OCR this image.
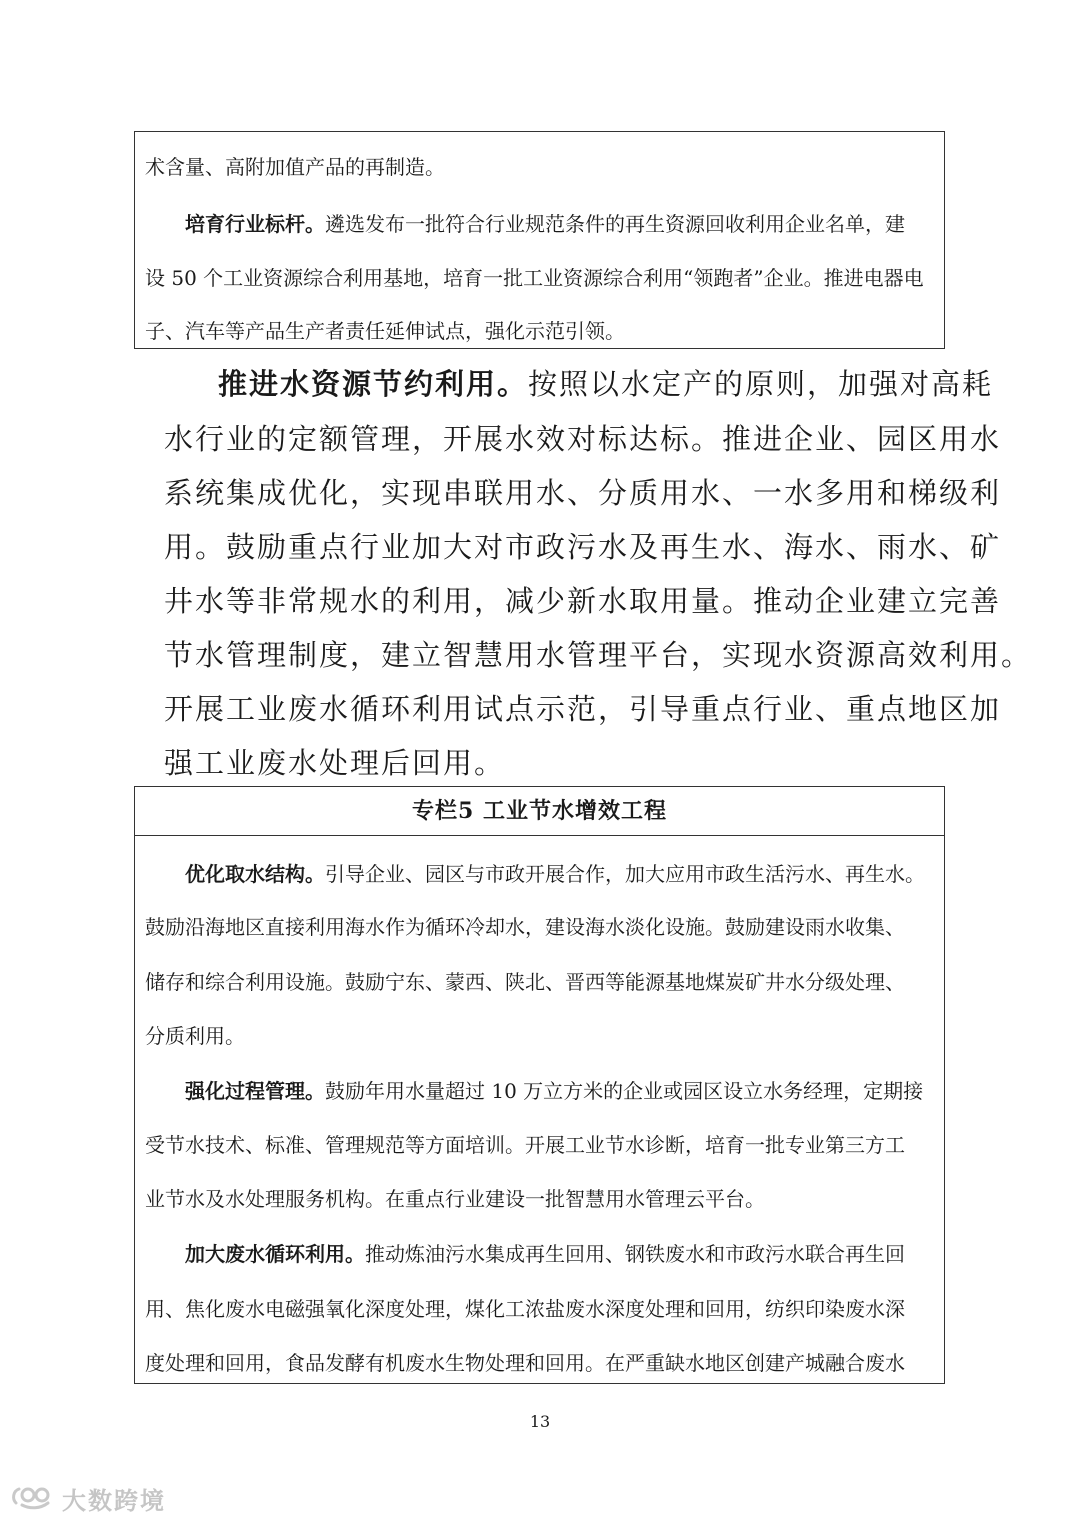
术含量、高附加值产品的再制造。
培育行业标杆。遴选发布一批符合行业规范条件的再生资源回收利用企业名单，建
设 50 个工业资源综合利用基地，培育一批工业资源综合利用“领跑者”企业。推进电器电
子、汽车等产品生产者责任延伸试点，强化示范引领。
推进水资源节约利用。按照以水定产的原则，加强对高耗
水行业的定额管理，开展水效对标达标。推进企业、园区用水
系统集成优化，实现串联用水、分质用水、一水多用和梯级利
用。鼓励重点行业加大对市政污水及再生水、海水、雨水、矿
井水等非常规水的利用，减少新水取用量。推动企业建立完善
节水管理制度，建立智慧用水管理平台，实现水资源高效利用。
开展工业废水循环利用试点示范，引导重点行业、重点地区加
强工业废水处理后回用。
专栏5 工业节水增效工程
优化取水结构。引导企业、园区与市政开展合作，加大应用市政生活污水、再生水。
鼓励沿海地区直接利用海水作为循环冷却水，建设海水淡化设施。鼓励建设雨水收集、
储存和综合利用设施。鼓励宁东、蒙西、陕北、晋西等能源基地煤炭矿井水分级处理、
分质利用。
强化过程管理。鼓励年用水量超过 10 万立方米的企业或园区设立水务经理，定期接
受节水技术、标准、管理规范等方面培训。开展工业节水诊断，培育一批专业第三方工
业节水及水处理服务机构。在重点行业建设一批智慧用水管理云平台。
加大废水循环利用。推动炼油污水集成再生回用、钢铁废水和市政污水联合再生回
用、焦化废水电磁强氧化深度处理，煤化工浓盐废水深度处理和回用，纺织印染废水深
度处理和回用，食品发酵有机废水生物处理和回用。在严重缺水地区创建产城融合废水
13
大数跨境
